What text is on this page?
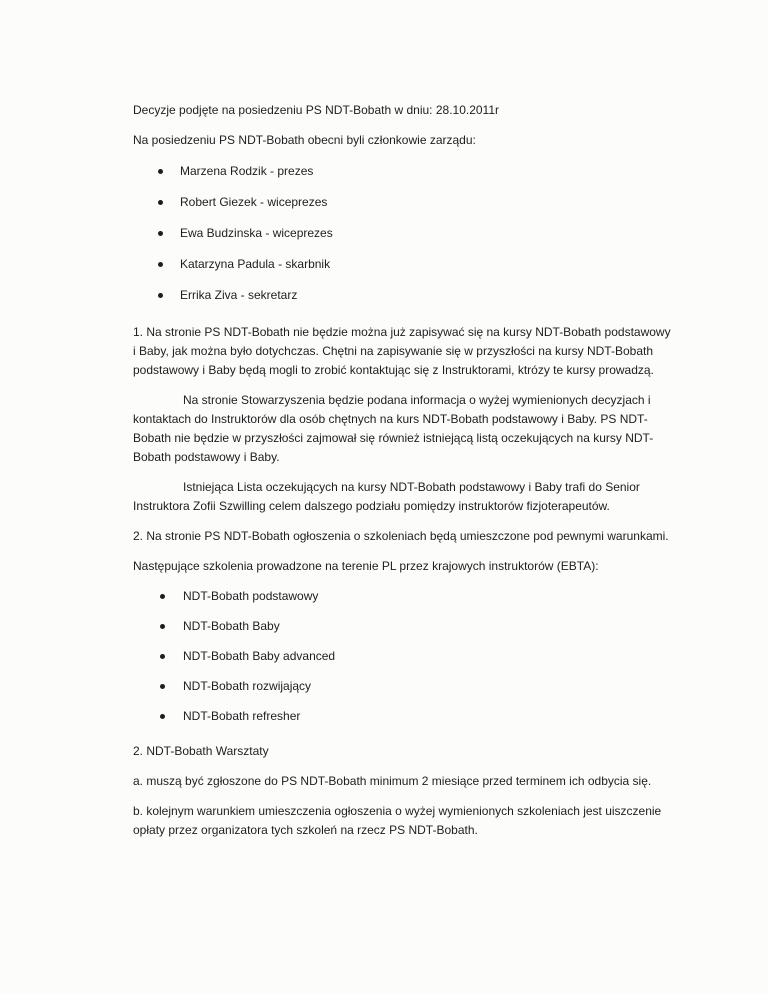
Decyzje podjęte na posiedzeniu PS NDT-Bobath w dniu: 28.10.2011r

Na posiedzeniu PS NDT-Bobath obecni byli członkowie zarządu:

Marzena Rodzik - prezes
Robert Giezek - wiceprezes
Ewa Budzinska - wiceprezes
Katarzyna Padula - skarbnik
Errika Ziva - sekretarz

1. Na stronie PS NDT-Bobath nie będzie można już zapisywać się na kursy NDT-Bobath podstawowy i Baby, jak można było dotychczas. Chętni na zapisywanie się w przyszłości na kursy NDT-Bobath podstawowy i Baby będą mogli to zrobić kontaktując się z Instruktorami, ktrózy te kursy prowadzą.

Na stronie Stowarzyszenia będzie podana informacja o wyżej wymienionych decyzjach i kontaktach do Instruktorów dla osób chętnych na kurs NDT-Bobath podstawowy i Baby. PS NDT-Bobath nie będzie w przyszłości zajmował się również istniejącą listą oczekujących na kursy NDT-Bobath podstawowy i Baby.

Istniejąca Lista oczekujących na kursy NDT-Bobath podstawowy i Baby trafi do Senior Instruktora Zofii Szwilling celem dalszego podziału pomiędzy instruktorów fizjoterapeutów.

2. Na stronie PS NDT-Bobath ogłoszenia o szkoleniach będą umieszczone pod pewnymi warunkami.

Następujące szkolenia prowadzone na terenie PL przez krajowych instruktorów (EBTA):

NDT-Bobath podstawowy
NDT-Bobath Baby
NDT-Bobath Baby advanced
NDT-Bobath rozwijający
NDT-Bobath refresher

2. NDT-Bobath Warsztaty

a. muszą być zgłoszone do PS NDT-Bobath minimum 2 miesiące przed terminem ich odbycia się.

b. kolejnym warunkiem umieszczenia ogłoszenia o wyżej wymienionych szkoleniach jest uiszczenie opłaty przez organizatora tych szkoleń na rzecz PS NDT-Bobath.
